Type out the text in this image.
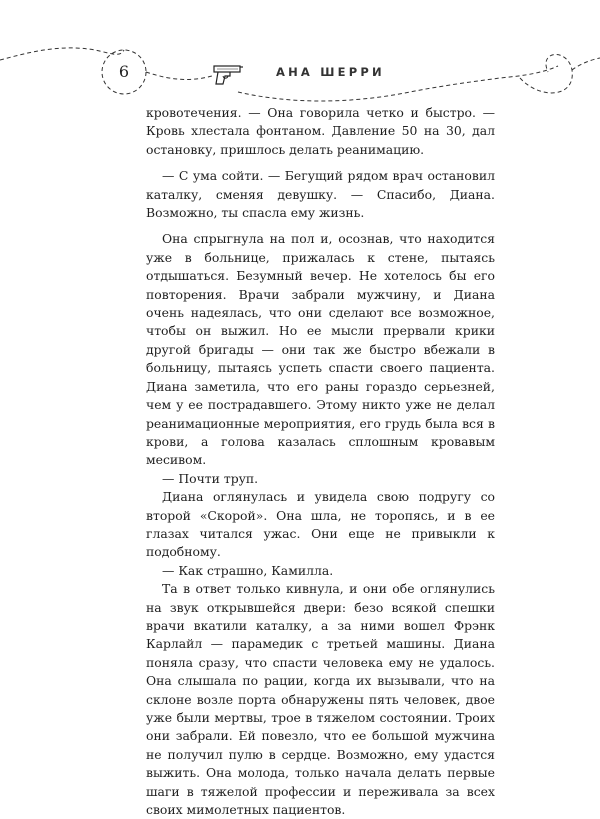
6	АНА ШЕРРИ

кровотечения. — Она говорила четко и быстро. — Кровь хлестала фонтаном. Давление 50 на 30, дал остановку, пришлось делать реанимацию.

— С ума сойти. — Бегущий рядом врач остановил каталку, сменяя девушку. — Спасибо, Диана. Возможно, ты спасла ему жизнь.

Она спрыгнула на пол и, осознав, что находится уже в больнице, прижалась к стене, пытаясь отдышаться. Безумный вечер. Не хотелось бы его повторения. Врачи забрали мужчину, и Диана очень надеялась, что они сделают все возможное, чтобы он выжил. Но ее мысли прервали крики другой бригады — они так же быстро вбежали в больницу, пытаясь успеть спасти своего пациента. Диана заметила, что его раны гораздо серьезней, чем у ее пострадавшего. Этому никто уже не делал реанимационные мероприятия, его грудь была вся в крови, а голова казалась сплошным кровавым месивом.

— Почти труп.

Диана оглянулась и увидела свою подругу со второй «Скорой». Она шла, не торопясь, и в ее глазах читался ужас. Они еще не привыкли к подобному.

— Как страшно, Камилла.

Та в ответ только кивнула, и они обе оглянулись на звук открывшейся двери: безо всякой спешки врачи вкатили каталку, а за ними вошел Фрэнк Карлайл — парамедик с третьей машины. Диана поняла сразу, что спасти человека ему не удалось. Она слышала по рации, когда их вызывали, что на склоне возле порта обнаружены пять человек, двое уже были мертвы, трое в тяжелом состоянии. Троих они забрали. Ей повезло, что ее большой мужчина не получил пулю в сердце. Возможно, ему удастся выжить. Она молода, только начала делать первые шаги в тяжелой профессии и переживала за всех своих мимолетных пациентов.
